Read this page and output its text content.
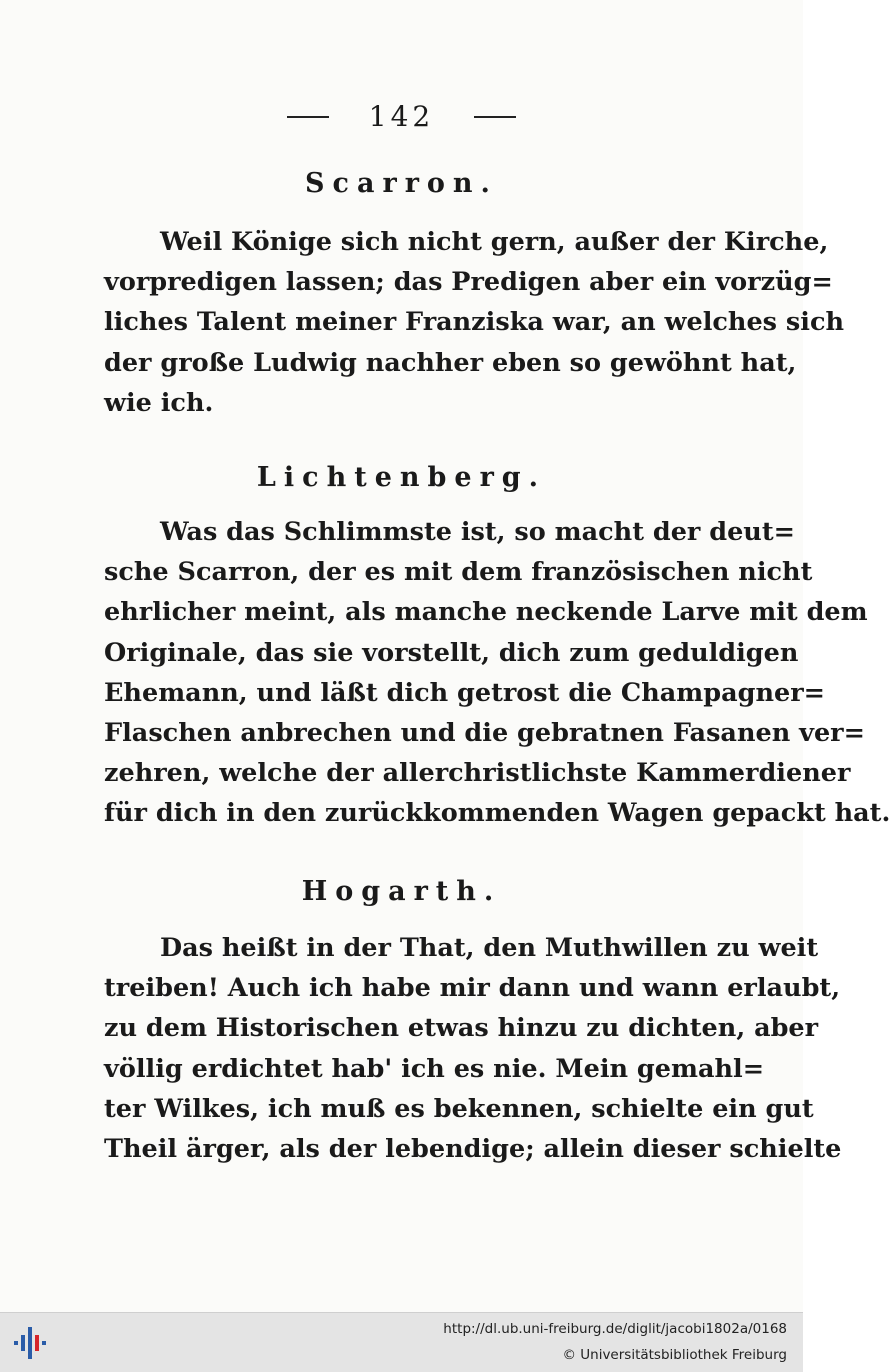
142
Scarron.
Weil Könige sich nicht gern, außer der Kirche,
vorpredigen lassen; das Predigen aber ein vorzüg=
liches Talent meiner Franziska war, an welches sich
der große Ludwig nachher eben so gewöhnt hat,
wie ich.
Lichtenberg.
Was das Schlimmste ist, so macht der deut=
sche Scarron, der es mit dem französischen nicht
ehrlicher meint, als manche neckende Larve mit dem
Originale, das sie vorstellt, dich zum geduldigen
Ehemann, und läßt dich getrost die Champagner=
Flaschen anbrechen und die gebratnen Fasanen ver=
zehren, welche der allerchristlichste Kammerdiener
für dich in den zurückkommenden Wagen gepackt hat.
Hogarth.
Das heißt in der That, den Muthwillen zu weit
treiben! Auch ich habe mir dann und wann erlaubt,
zu dem Historischen etwas hinzu zu dichten, aber
völlig erdichtet hab' ich es nie. Mein gemahl=
ter Wilkes, ich muß es bekennen, schielte ein gut
Theil ärger, als der lebendige; allein dieser schielte
http://dl.ub.uni-freiburg.de/diglit/jacobi1802a/0168
© Universitätsbibliothek Freiburg
